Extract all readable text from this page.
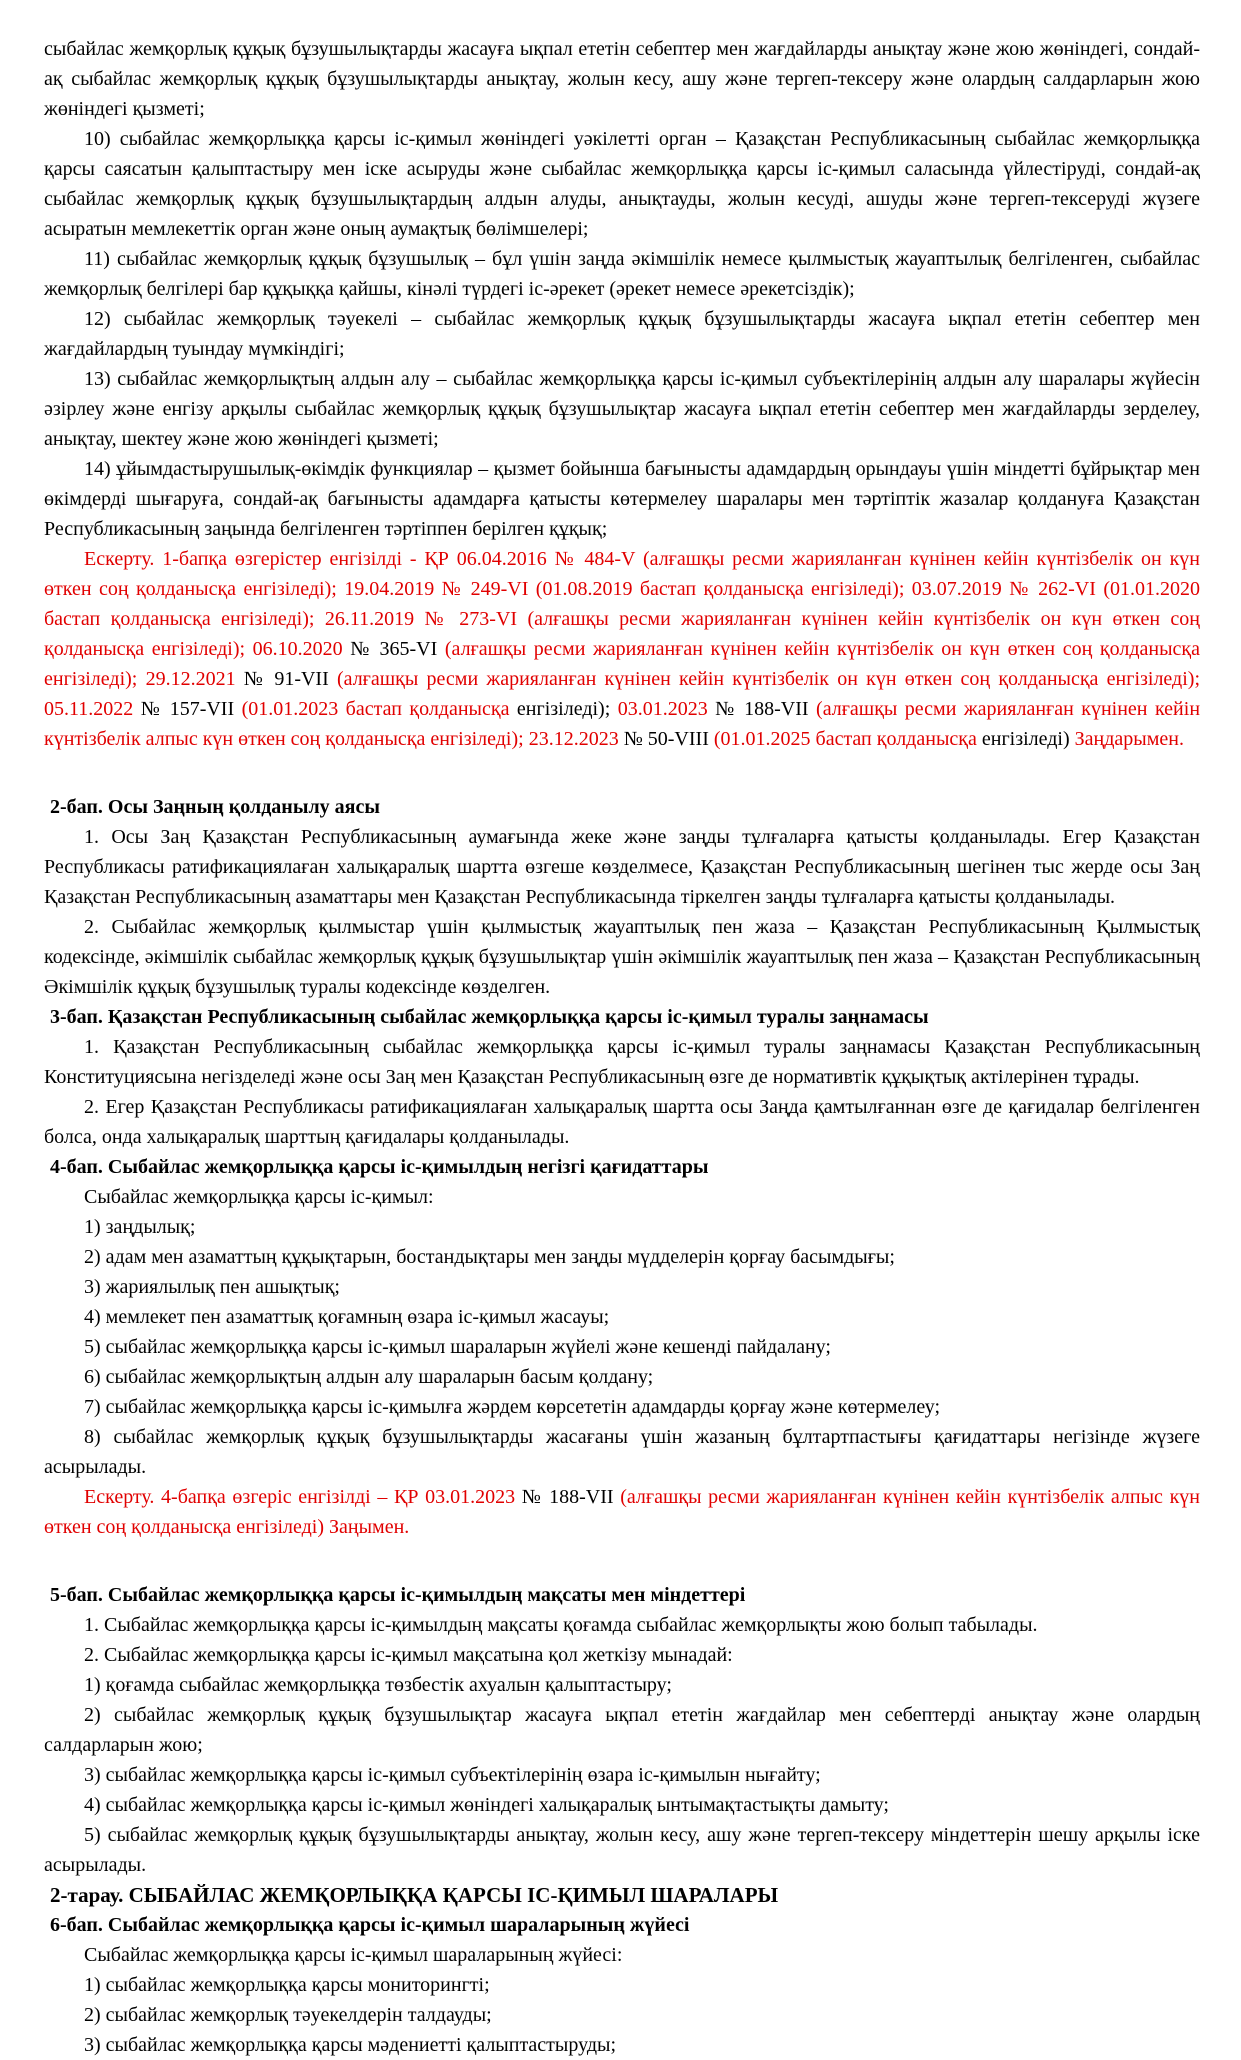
сыбайлас жемқорлық құқық бұзушылықтарды жасауға ықпал ететін себептер мен жағдайларды анықтау және жою жөніндегі, сондай-ақ сыбайлас жемқорлық құқық бұзушылықтарды анықтау, жолын кесу, ашу және тергеп-тексеру және олардың салдарларын жою жөніндегі қызметі;

10) сыбайлас жемқорлыққа қарсы іс-қимыл жөніндегі уәкілетті орган – Қазақстан Республикасының сыбайлас жемқорлыққа қарсы саясатын қалыптастыру мен іске асыруды және сыбайлас жемқорлыққа қарсы іс-қимыл саласында үйлестіруді, сондай-ақ сыбайлас жемқорлық құқық бұзушылықтардың алдын алуды, анықтауды, жолын кесуді, ашуды және тергеп-тексеруді жүзеге асыратын мемлекеттік орган және оның аумақтық бөлімшелері;

11) сыбайлас жемқорлық құқық бұзушылық – бұл үшін заңда әкімшілік немесе қылмыстық жауаптылық белгіленген, сыбайлас жемқорлық белгілері бар құқыққа қайшы, кінәлі түрдегі іс-әрекет (әрекет немесе әрекетсіздік);

12) сыбайлас жемқорлық тәуекелі – сыбайлас жемқорлық құқық бұзушылықтарды жасауға ықпал ететін себептер мен жағдайлардың туындау мүмкіндігі;

13) сыбайлас жемқорлықтың алдын алу – сыбайлас жемқорлыққа қарсы іс-қимыл субъектілерінің алдын алу шаралары жүйесін әзірлеу және енгізу арқылы сыбайлас жемқорлық құқық бұзушылықтар жасауға ықпал ететін себептер мен жағдайларды зерделеу, анықтау, шектеу және жою жөніндегі қызметі;

14) ұйымдастырушылық-өкімдік функциялар – қызмет бойынша бағынысты адамдардың орындауы үшін міндетті бұйрықтар мен өкімдерді шығаруға, сондай-ақ бағынысты адамдарға қатысты көтермелеу шаралары мен тәртіптік жазалар қолдануға Қазақстан Республикасының заңында белгіленген тәртіппен берілген құқық;

Ескерту. 1-бапқа өзгерістер енгізілді - ҚР 06.04.2016 № 484-V (алғашқы ресми жарияланған күнінен кейін күнтізбелік он күн өткен соң қолданысқа енгізіледі); 19.04.2019 № 249-VI (01.08.2019 бастап қолданысқа енгізіледі); 03.07.2019 № 262-VI (01.01.2020 бастап қолданысқа енгізіледі); 26.11.2019 № 273-VI (алғашқы ресми жарияланған күнінен кейін күнтізбелік он күн өткен соң қолданысқа енгізіледі); 06.10.2020 № 365-VI (алғашқы ресми жарияланған күнінен кейін күнтізбелік он күн өткен соң қолданысқа енгізіледі); 29.12.2021 № 91-VII (алғашқы ресми жарияланған күнінен кейін күнтізбелік он күн өткен соң қолданысқа енгізіледі); 05.11.2022 № 157-VII (01.01.2023 бастап қолданысқа енгізіледі); 03.01.2023 № 188-VII (алғашқы ресми жарияланған күнінен кейін күнтізбелік алпыс күн өткен соң қолданысқа енгізіледі); 23.12.2023 № 50-VIII (01.01.2025 бастап қолданысқа енгізіледі) Заңдарымен.

2-бап. Осы Заңның қолданылу аясы

1. Осы Заң Қазақстан Республикасының аумағында жеке және заңды тұлғаларға қатысты қолданылады. Егер Қазақстан Республикасы ратификациялаған халықаралық шартта өзгеше көзделмесе, Қазақстан Республикасының шегінен тыс жерде осы Заң Қазақстан Республикасының азаматтары мен Қазақстан Республикасында тіркелген заңды тұлғаларға қатысты қолданылады.

2. Сыбайлас жемқорлық қылмыстар үшін қылмыстық жауаптылық пен жаза – Қазақстан Республикасының Қылмыстық кодексінде, әкімшілік сыбайлас жемқорлық құқық бұзушылықтар үшін әкімшілік жауаптылық пен жаза – Қазақстан Республикасының Әкімшілік құқық бұзушылық туралы кодексінде көзделген.

3-бап. Қазақстан Республикасының сыбайлас жемқорлыққа қарсы іс-қимыл туралы заңнамасы

1. Қазақстан Республикасының сыбайлас жемқорлыққа қарсы іс-қимыл туралы заңнамасы Қазақстан Республикасының Конституциясына негізделеді және осы Заң мен Қазақстан Республикасының өзге де нормативтік құқықтық актілерінен тұрады.

2. Егер Қазақстан Республикасы ратификациялаған халықаралық шартта осы Заңда қамтылғаннан өзге де қағидалар белгіленген болса, онда халықаралық шарттың қағидалары қолданылады.

4-бап. Сыбайлас жемқорлыққа қарсы іс-қимылдың негізгі қағидаттары

Сыбайлас жемқорлыққа қарсы іс-қимыл:

1) заңдылық;

2) адам мен азаматтың құқықтарын, бостандықтары мен заңды мүдделерін қорғау басымдығы;

3) жариялылық пен ашықтық;

4) мемлекет пен азаматтық қоғамның өзара іс-қимыл жасауы;

5) сыбайлас жемқорлыққа қарсы іс-қимыл шараларын жүйелі және кешенді пайдалану;

6) сыбайлас жемқорлықтың алдын алу шараларын басым қолдану;

7) сыбайлас жемқорлыққа қарсы іс-қимылға жәрдем көрсететін адамдарды қорғау және көтермелеу;

8) сыбайлас жемқорлық құқық бұзушылықтарды жасағаны үшін жазаның бұлтартпастығы қағидаттары негізінде жүзеге асырылады.

Ескерту. 4-бапқа өзгеріс енгізілді – ҚР 03.01.2023 № 188-VII (алғашқы ресми жарияланған күнінен кейін күнтізбелік алпыс күн өткен соң қолданысқа енгізіледі) Заңымен.

5-бап. Сыбайлас жемқорлыққа қарсы іс-қимылдың мақсаты мен міндеттері

1. Сыбайлас жемқорлыққа қарсы іс-қимылдың мақсаты қоғамда сыбайлас жемқорлықты жою болып табылады.

2. Сыбайлас жемқорлыққа қарсы іс-қимыл мақсатына қол жеткізу мынадай:

1) қоғамда сыбайлас жемқорлыққа төзбестік ахуалын қалыптастыру;

2) сыбайлас жемқорлық құқық бұзушылықтар жасауға ықпал ететін жағдайлар мен себептерді анықтау және олардың салдарларын жою;

3) сыбайлас жемқорлыққа қарсы іс-қимыл субъектілерінің өзара іс-қимылын нығайту;

4) сыбайлас жемқорлыққа қарсы іс-қимыл жөніндегі халықаралық ынтымақтастықты дамыту;

5) сыбайлас жемқорлық құқық бұзушылықтарды анықтау, жолын кесу, ашу және тергеп-тексеру міндеттерін шешу арқылы іске асырылады.

2-тарау. СЫБАЙЛАС ЖЕМҚОРЛЫҚҚА ҚАРСЫ ІС-ҚИМЫЛ ШАРАЛАРЫ

6-бап. Сыбайлас жемқорлыққа қарсы іс-қимыл шараларының жүйесі

Сыбайлас жемқорлыққа қарсы іс-қимыл шараларының жүйесі:

1) сыбайлас жемқорлыққа қарсы мониторингті;

2) сыбайлас жемқорлық тәуекелдерін талдауды;

3) сыбайлас жемқорлыққа қарсы мәдениетті қалыптастыруды;
